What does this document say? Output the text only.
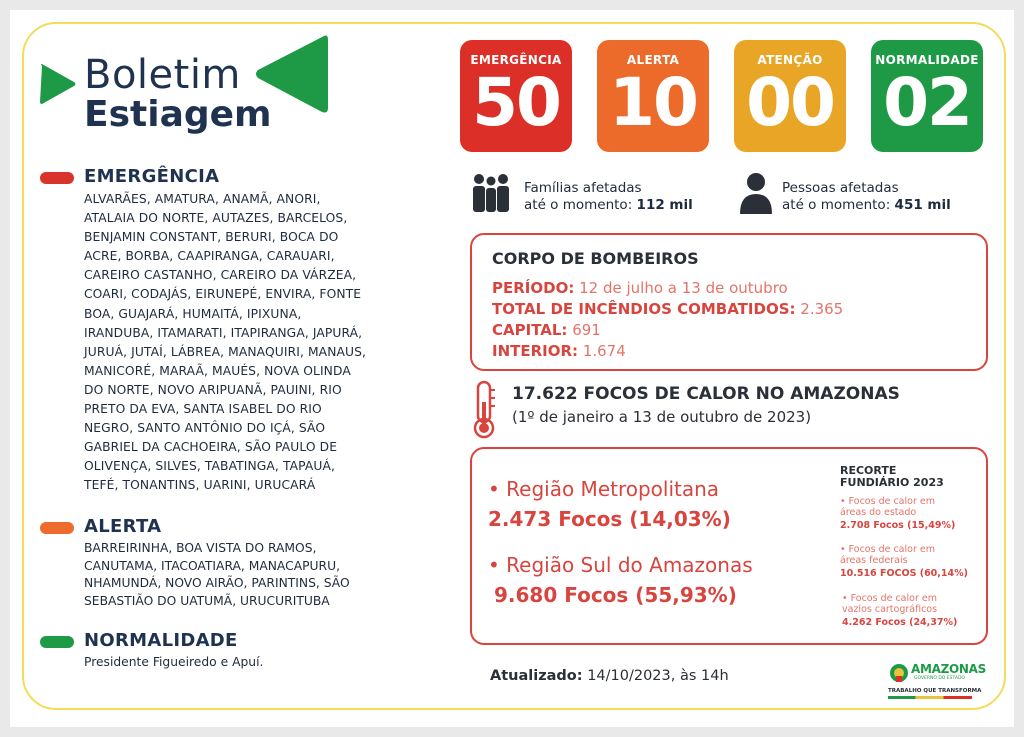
Boletim
Estiagem
EMERGÊNCIA
ALVARÃES, AMATURA, ANAMÃ, ANORI,
ATALAIA DO NORTE, AUTAZES, BARCELOS,
BENJAMIN CONSTANT, BERURI, BOCA DO
ACRE, BORBA, CAAPIRANGA, CARAUARI,
CAREIRO CASTANHO, CAREIRO DA VÁRZEA,
COARI, CODAJÁS, EIRUNEPÉ, ENVIRA, FONTE
BOA, GUAJARÁ, HUMAITÁ, IPIXUNA,
IRANDUBA, ITAMARATI, ITAPIRANGA, JAPURÁ,
JURUÁ, JUTAÍ, LÁBREA, MANAQUIRI, MANAUS,
MANICORÉ, MARAÃ, MAUÉS, NOVA OLINDA
DO NORTE, NOVO ARIPUANÃ, PAUINI, RIO
PRETO DA EVA, SANTA ISABEL DO RIO
NEGRO, SANTO ANTÔNIO DO IÇÁ, SÃO
GABRIEL DA CACHOEIRA, SÃO PAULO DE
OLIVENÇA, SILVES, TABATINGA, TAPAUÁ,
TEFÉ, TONANTINS, UARINI, URUCARÁ
ALERTA
BARREIRINHA, BOA VISTA DO RAMOS,
CANUTAMA, ITACOATIARA, MANACAPURU,
NHAMUNDÁ, NOVO AIRÃO, PARINTINS, SÃO
SEBASTIÃO DO UATUMÃ, URUCURITUBA
NORMALIDADE
Presidente Figueiredo e Apuí.
EMERGÊNCIA
50
ALERTA
10
ATENÇÃO
00
NORMALIDADE
02
Famílias afetadas
até o momento: 112 mil
Pessoas afetadas
até o momento: 451 mil
CORPO DE BOMBEIROS
PERÍODO: 12 de julho a 13 de outubro
TOTAL DE INCÊNDIOS COMBATIDOS: 2.365
CAPITAL: 691
INTERIOR: 1.674
17.622 FOCOS DE CALOR NO AMAZONAS
(1º de janeiro a 13 de outubro de 2023)
• Região Metropolitana
2.473 Focos (14,03%)
• Região Sul do Amazonas
9.680 Focos (55,93%)
RECORTE
FUNDIÁRIO 2023
• Focos de calor em
áreas do estado
2.708 Focos (15,49%)
• Focos de calor em
áreas federais
10.516 FOCOS (60,14%)
• Focos de calor em
vazios cartográficos
4.262 Focos (24,37%)
Atualizado: 14/10/2023, às 14h	AMAZONAS
GOVERNO DO ESTADO
TRABALHO QUE TRANSFORMA
